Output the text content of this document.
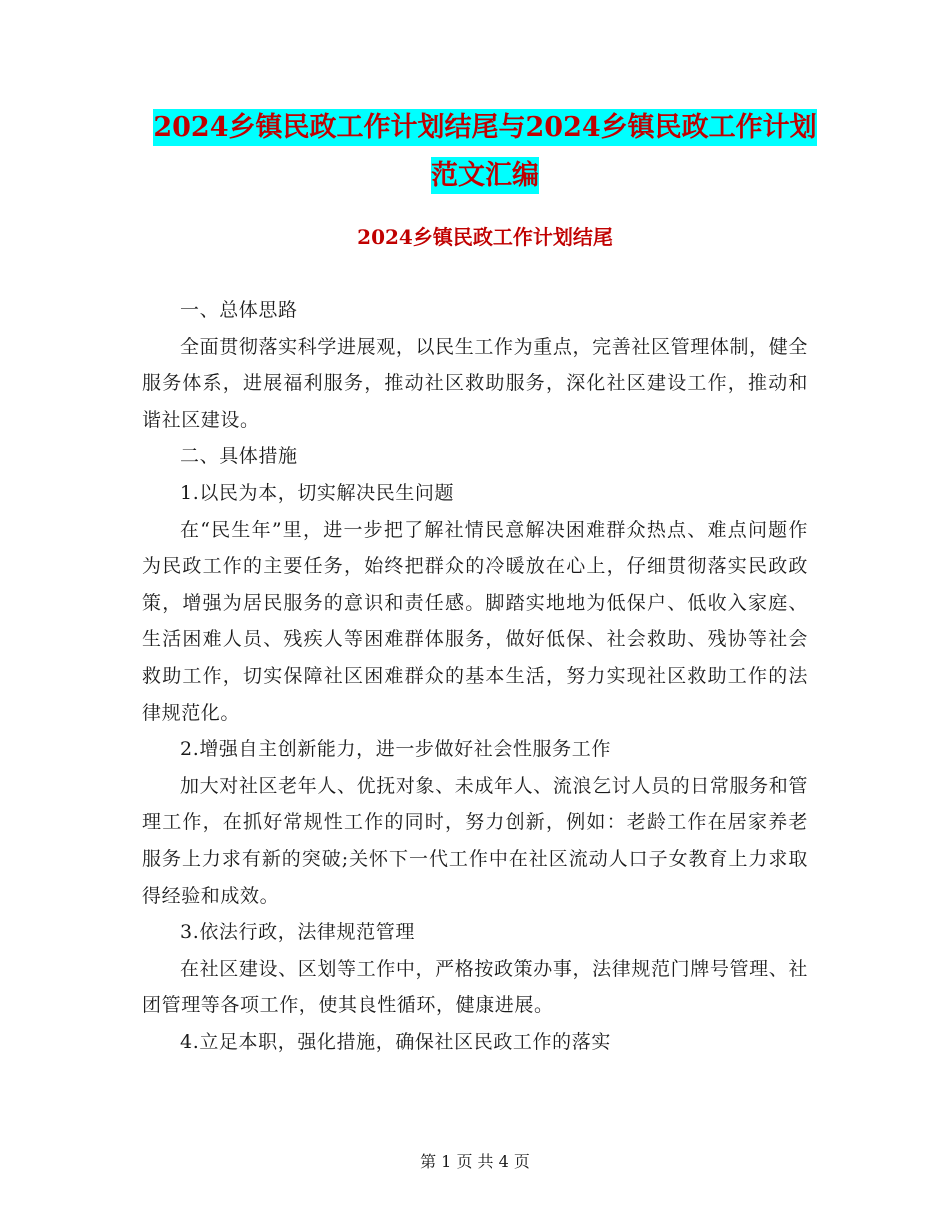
2024乡镇民政工作计划结尾与2024乡镇民政工作计划
范文汇编
2024乡镇民政工作计划结尾

一、总体思路

全面贯彻落实科学进展观，以民生工作为重点，完善社区管理体制，健全服务体系，进展福利服务，推动社区救助服务，深化社区建设工作，推动和谐社区建设。

二、具体措施

1.以民为本，切实解决民生问题

在“民生年”里，进一步把了解社情民意解决困难群众热点、难点问题作为民政工作的主要任务，始终把群众的冷暖放在心上，仔细贯彻落实民政政策，增强为居民服务的意识和责任感。脚踏实地地为低保户、低收入家庭、生活困难人员、残疾人等困难群体服务，做好低保、社会救助、残协等社会救助工作，切实保障社区困难群众的基本生活，努力实现社区救助工作的法律规范化。

2.增强自主创新能力，进一步做好社会性服务工作

加大对社区老年人、优抚对象、未成年人、流浪乞讨人员的日常服务和管理工作，在抓好常规性工作的同时，努力创新，例如：老龄工作在居家养老服务上力求有新的突破;关怀下一代工作中在社区流动人口子女教育上力求取得经验和成效。

3.依法行政，法律规范管理

在社区建设、区划等工作中，严格按政策办事，法律规范门牌号管理、社团管理等各项工作，使其良性循环，健康进展。

4.立足本职，强化措施，确保社区民政工作的落实

第 1 页 共 4 页
